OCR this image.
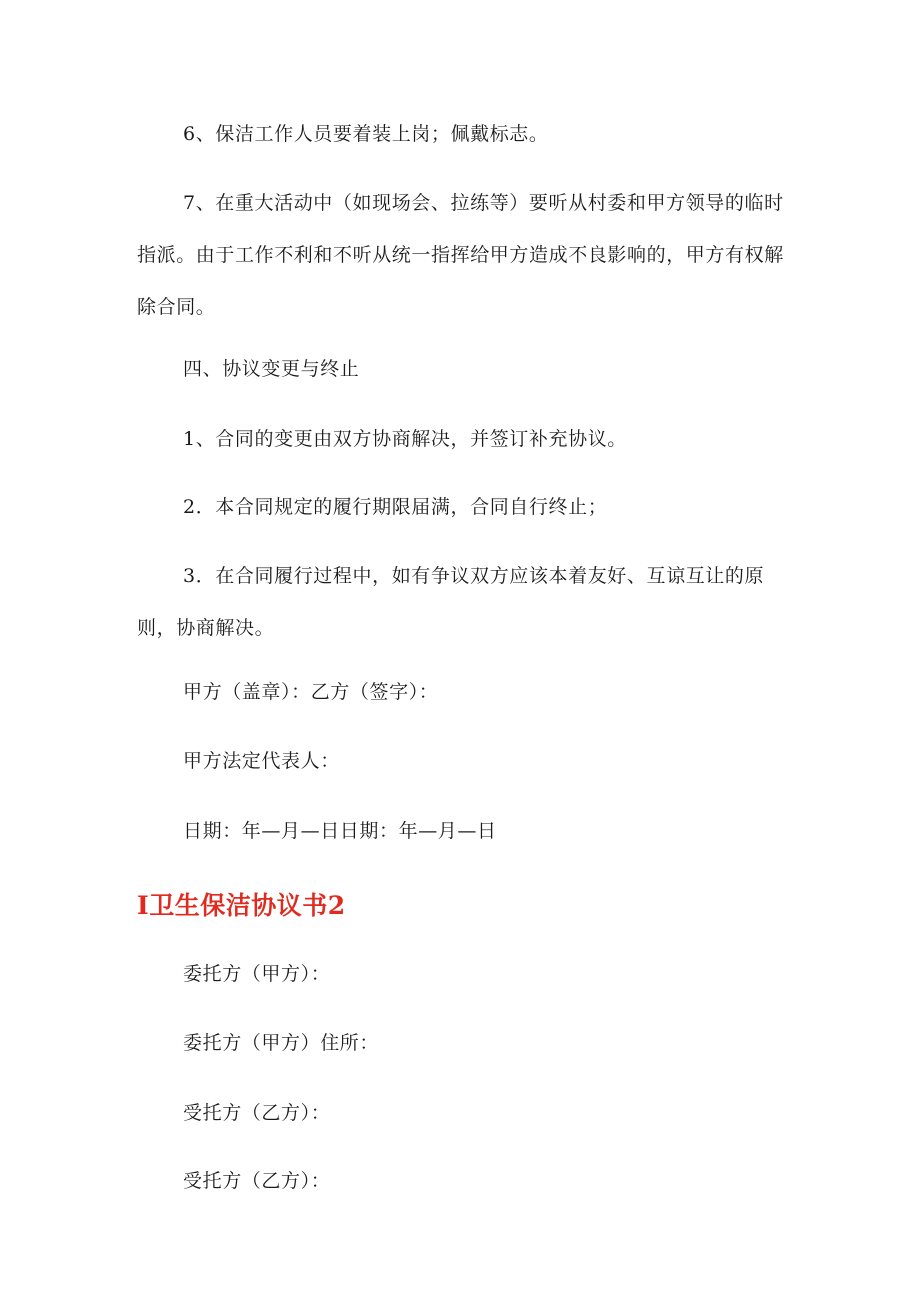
6、保洁工作人员要着装上岗；佩戴标志。

7、在重大活动中（如现场会、拉练等）要听从村委和甲方领导的临时指派。由于工作不利和不听从统一指挥给甲方造成不良影响的，甲方有权解除合同。

四、协议变更与终止

1、合同的变更由双方协商解决，并签订补充协议。

2．本合同规定的履行期限届满，合同自行终止；

3．在合同履行过程中，如有争议双方应该本着友好、互谅互让的原则，协商解决。

甲方（盖章）：乙方（签字）：

甲方法定代表人：

日期：年—月—日日期：年—月—日

I卫生保洁协议书2

委托方（甲方）：

委托方（甲方）住所：

受托方（乙方）：

受托方（乙方）：
